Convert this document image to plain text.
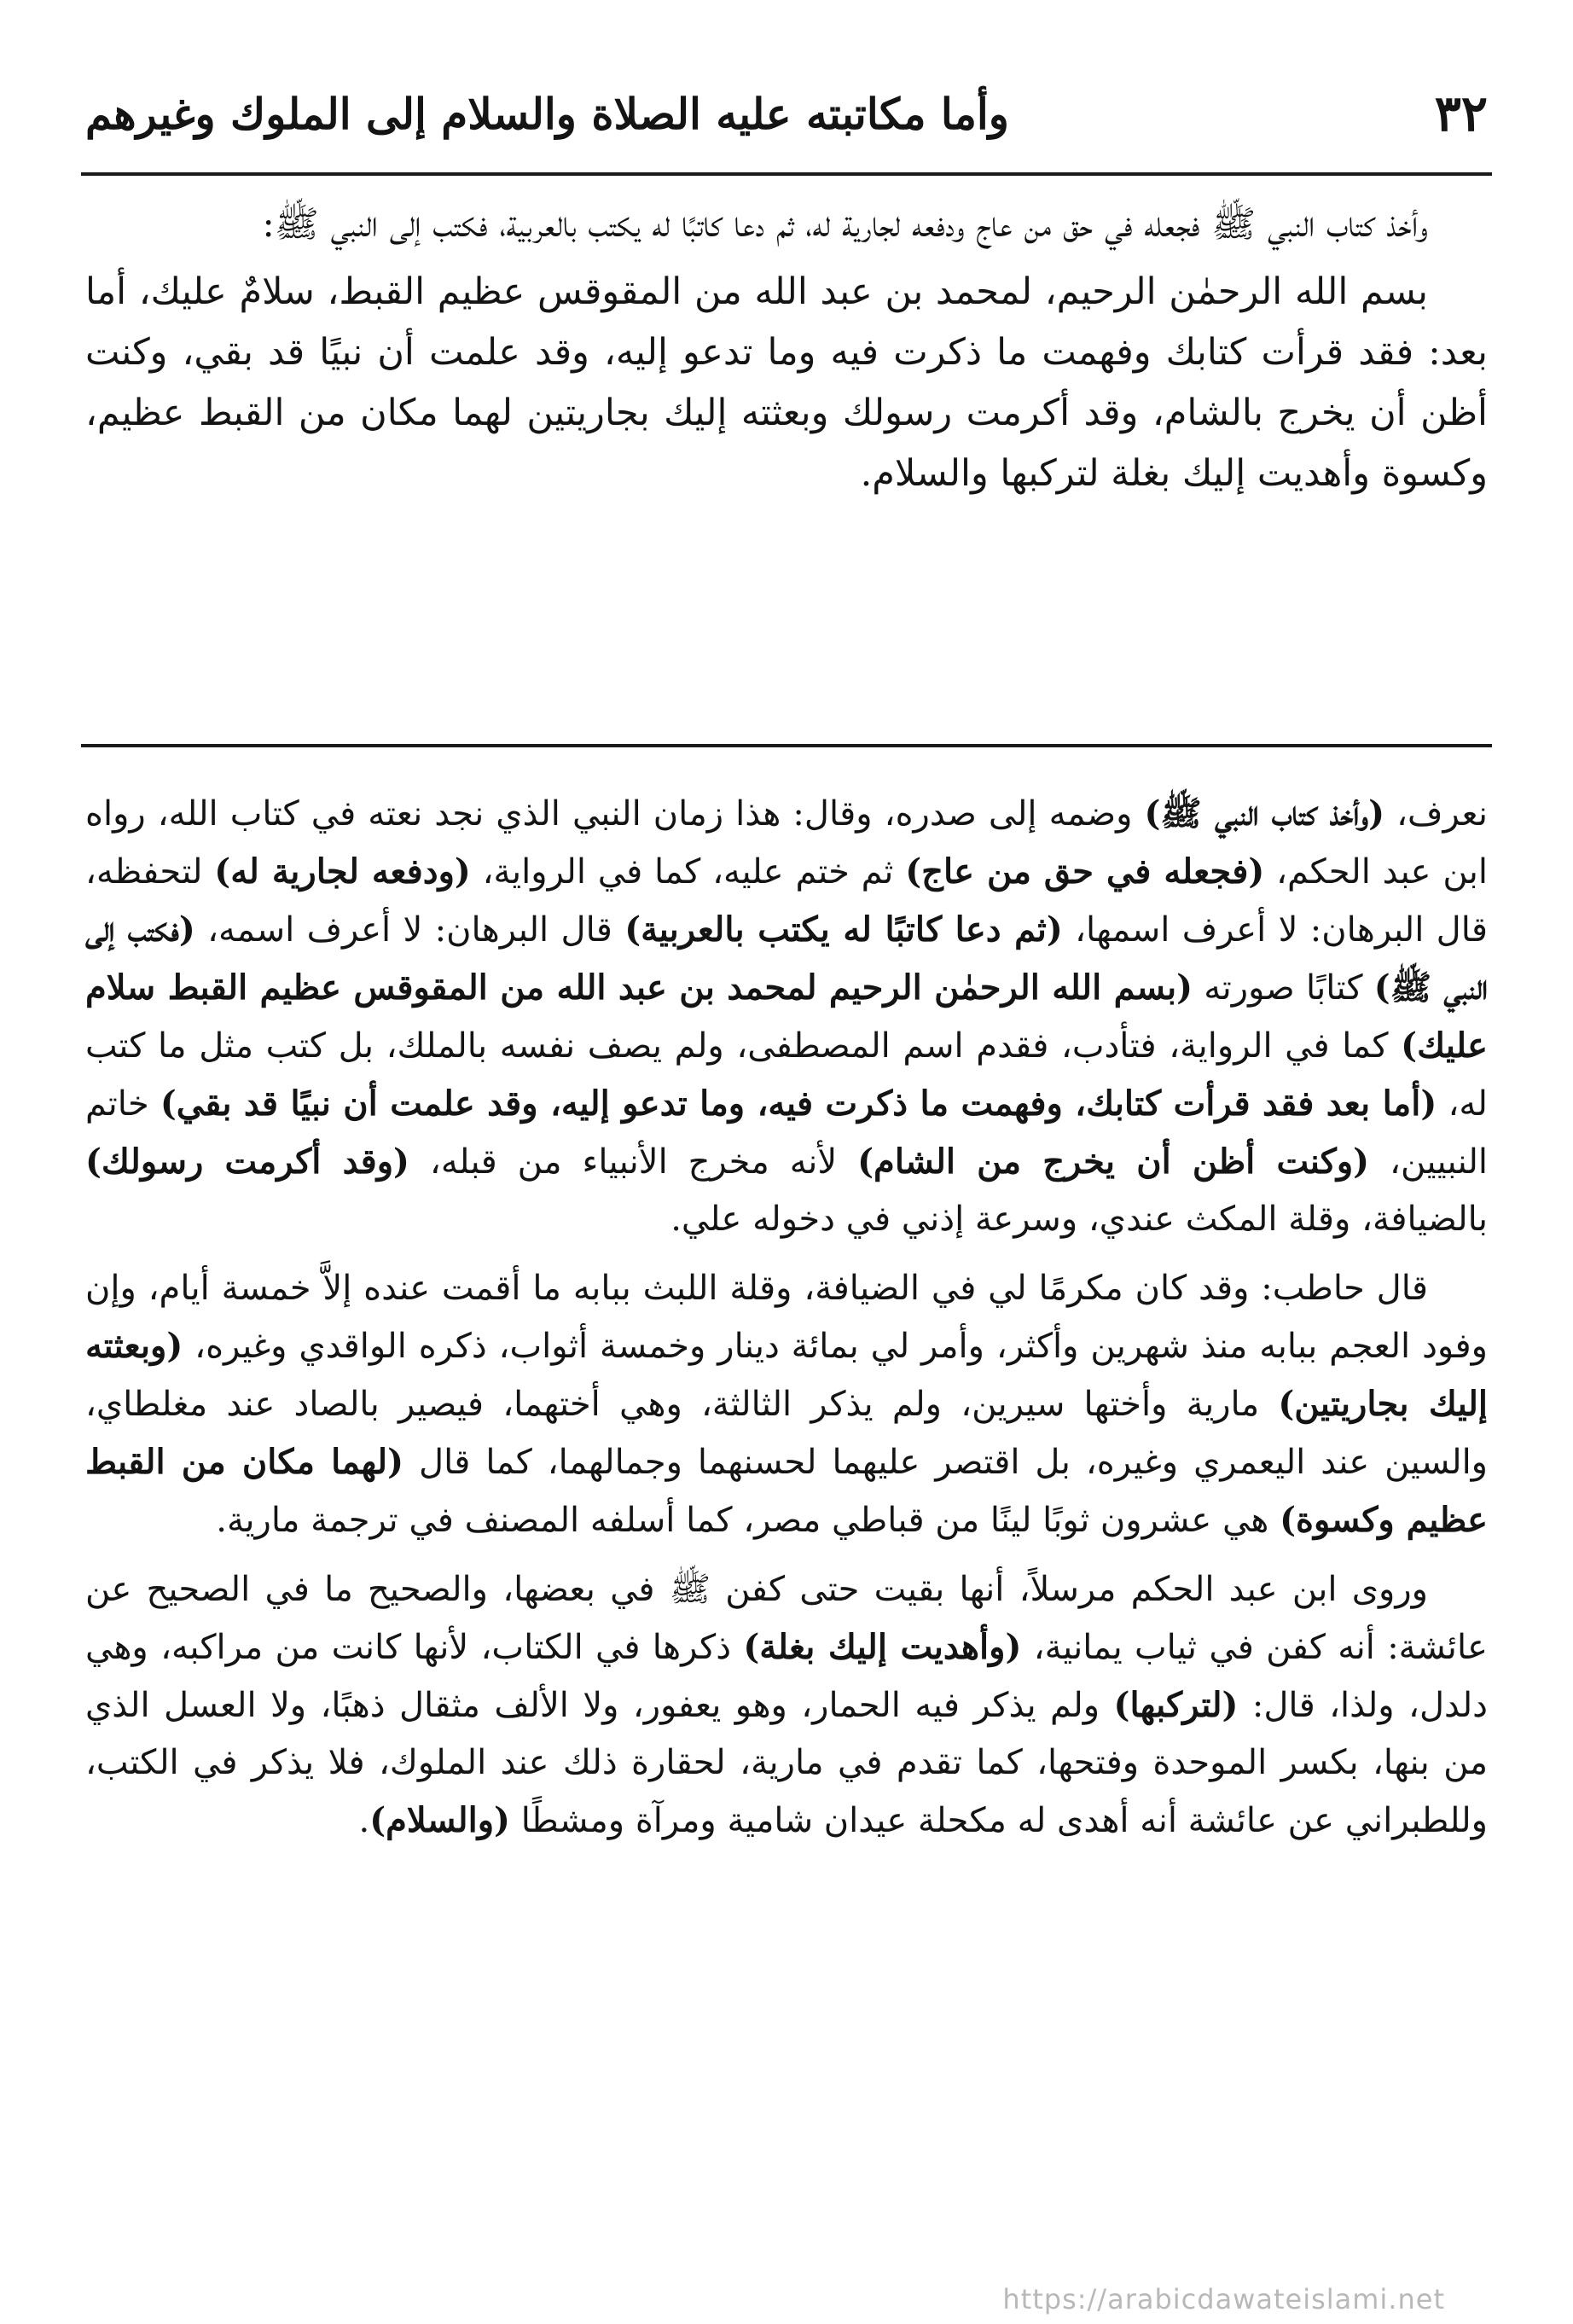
٣٢
وأما مكاتبته عليه الصلاة والسلام إلى الملوك وغيرهم

وأخذ كتاب النبي ﷺ فجعله في حق من عاج ودفعه لجارية له، ثم دعا كاتبًا له يكتب بالعربية، فكتب إلى النبي ﷺ:

بسم الله الرحمٰن الرحيم، لمحمد بن عبد الله من المقوقس عظيم القبط، سلامٌ عليك، أما بعد: فقد قرأت كتابك وفهمت ما ذكرت فيه وما تدعو إليه، وقد علمت أن نبيًا قد بقي، وكنت أظن أن يخرج بالشام، وقد أكرمت رسولك وبعثته إليك بجاريتين لهما مكان من القبط عظيم، وكسوة وأهديت إليك بغلة لتركبها والسلام.

نعرف، (وأخذ كتاب النبي ﷺ) وضمه إلى صدره، وقال: هذا زمان النبي الذي نجد نعته في كتاب الله، رواه ابن عبد الحكم، (فجعله في حق من عاج) ثم ختم عليه، كما في الرواية، (ودفعه لجارية له) لتحفظه، قال البرهان: لا أعرف اسمها، (ثم دعا كاتبًا له يكتب بالعربية) قال البرهان: لا أعرف اسمه، (فكتب إلى النبي ﷺ) كتابًا صورته (بسم الله الرحمٰن الرحيم لمحمد بن عبد الله من المقوقس عظيم القبط سلام عليك) كما في الرواية، فتأدب، فقدم اسم المصطفى، ولم يصف نفسه بالملك، بل كتب مثل ما كتب له، (أما بعد فقد قرأت كتابك، وفهمت ما ذكرت فيه، وما تدعو إليه، وقد علمت أن نبيًا قد بقي) خاتم النبيين، (وكنت أظن أن يخرج من الشام) لأنه مخرج الأنبياء من قبله، (وقد أكرمت رسولك) بالضيافة، وقلة المكث عندي، وسرعة إذني في دخوله علي.

قال حاطب: وقد كان مكرمًا لي في الضيافة، وقلة اللبث ببابه ما أقمت عنده إلاَّ خمسة أيام، وإن وفود العجم ببابه منذ شهرين وأكثر، وأمر لي بمائة دينار وخمسة أثواب، ذكره الواقدي وغيره، (وبعثته إليك بجاريتين) مارية وأختها سيرين، ولم يذكر الثالثة، وهي أختهما، فيصير بالصاد عند مغلطاي، والسين عند اليعمري وغيره، بل اقتصر عليهما لحسنهما وجمالهما، كما قال (لهما مكان من القبط عظيم وكسوة) هي عشرون ثوبًا لينًا من قباطي مصر، كما أسلفه المصنف في ترجمة مارية.

وروى ابن عبد الحكم مرسلاً، أنها بقيت حتى كفن ﷺ في بعضها، والصحيح ما في الصحيح عن عائشة: أنه كفن في ثياب يمانية، (وأهديت إليك بغلة) ذكرها في الكتاب، لأنها كانت من مراكبه، وهي دلدل، ولذا، قال: (لتركبها) ولم يذكر فيه الحمار، وهو يعفور، ولا الألف مثقال ذهبًا، ولا العسل الذي من بنها، بكسر الموحدة وفتحها، كما تقدم في مارية، لحقارة ذلك عند الملوك، فلا يذكر في الكتب، وللطبراني عن عائشة أنه أهدى له مكحلة عيدان شامية ومرآة ومشطًا (والسلام).

https://arabicdawateislami.net
